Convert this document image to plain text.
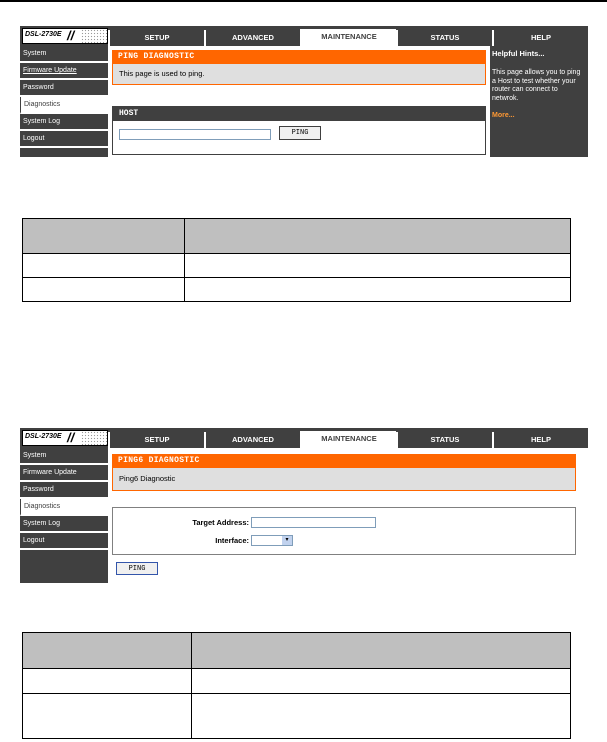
DSL-2730E //	SETUP	ADVANCED	MAINTENANCE	STATUS	HELP
System
Firmware Update
Password
Diagnostics
System Log
Logout
PING DIAGNOSTIC
This page is used to ping.
HOST
PING
Helpful Hints...
This page allows you to ping a Host to test whether your router can connect to netwrok.
More...

DSL-2730E //	SETUP	ADVANCED	MAINTENANCE	STATUS	HELP
System
Firmware Update
Password
Diagnostics
System Log
Logout
PING6 DIAGNOSTIC
Ping6 Diagnostic
Target Address:
Interface:	▾
PING
